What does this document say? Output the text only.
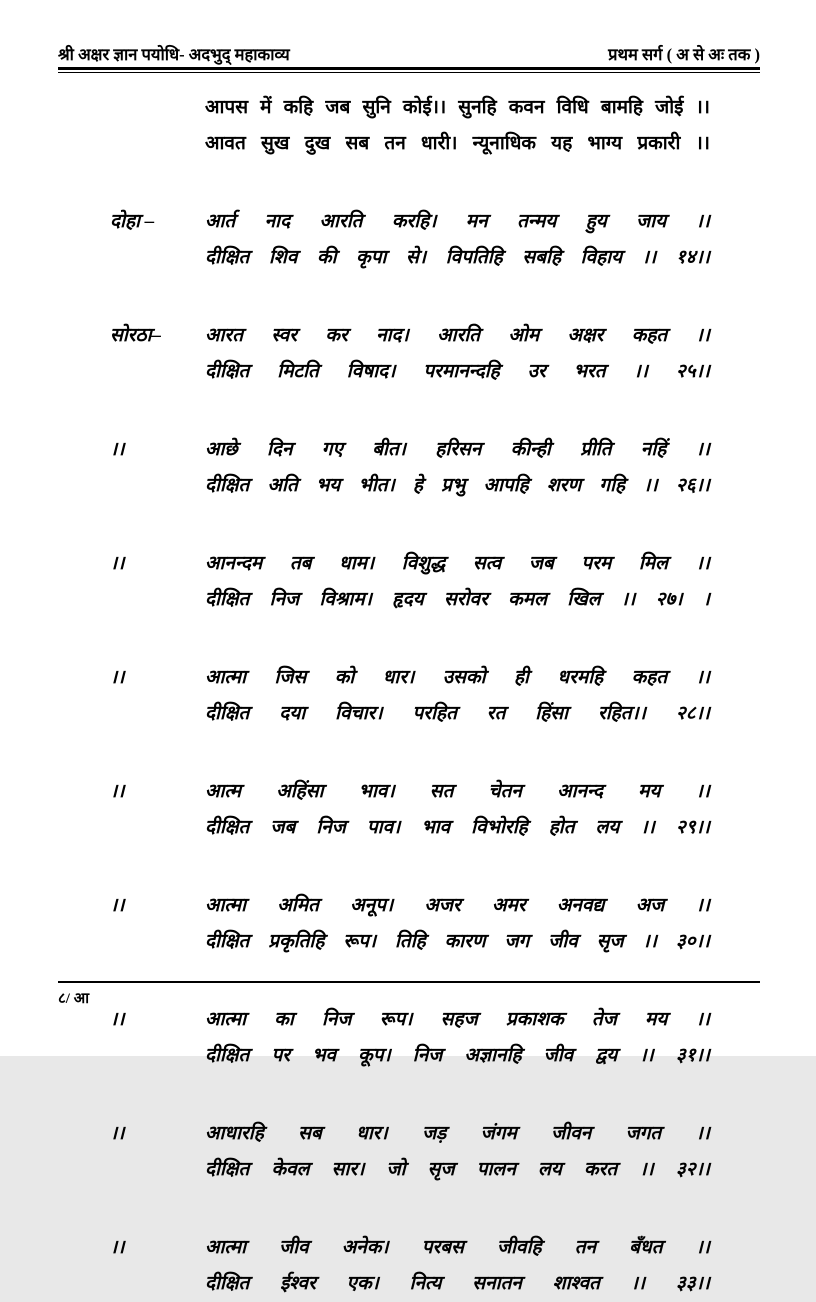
श्री अक्षर ज्ञान पयोधि- अदभुद् महाकाव्य	प्रथम सर्ग ( अ से अः तक )
आपस में कहि जब सुनि कोई।। सुनहि कवन विधि बामहि जोई ।।
आवत सुख दुख सब तन धारी। न्यूनाधिक यह भाग्य प्रकारी ।।
दोहा –	आर्त नाद आरति करहि। मन तन्मय हुय जाय ।।
दीक्षित शिव की कृपा से। विपतिहि सबहि विहाय ।। १४।।
सोरठा–	आरत स्वर कर नाद। आरति ओम अक्षर कहत ।।
दीक्षित मिटति विषाद। परमानन्दहि उर भरत ।। २५।।
।।	आछे दिन गए बीत। हरिसन कीन्ही प्रीति नहिं ।।
दीक्षित अति भय भीत। हे प्रभु आपहि शरण गहि ।। २६।।
।।	आनन्दम तब धाम। विशुद्ध सत्व जब परम मिल ।।
दीक्षित निज विश्राम। हृदय सरोवर कमल खिल ।। २७। ।
।।	आत्मा जिस को धार। उसको ही धरमहि कहत ।।
दीक्षित दया विचार। परहित रत हिंसा रहित।। २८।।
।।	आत्म अहिंसा भाव। सत चेतन आनन्द मय ।।
दीक्षित जब निज पाव। भाव विभोरहि होत लय ।। २९।।
।।	आत्मा अमित अनूप। अजर अमर अनवद्य अज ।।
दीक्षित प्रकृतिहि रूप। तिहि कारण जग जीव सृज ।। ३०।।
।।	आत्मा का निज रूप। सहज प्रकाशक तेज मय ।।
दीक्षित पर भव कूप। निज अज्ञानहि जीव द्वय ।। ३१।।
।।	आधारहि सब धार। जड़ जंगम जीवन जगत ।।
दीक्षित केवल सार। जो सृज पालन लय करत ।। ३२।।
।।	आत्मा जीव अनेक। परबस जीवहि तन बँधत ।।
दीक्षित ईश्वर एक। नित्य सनातन शाश्वत ।। ३३।।
८/ आ
